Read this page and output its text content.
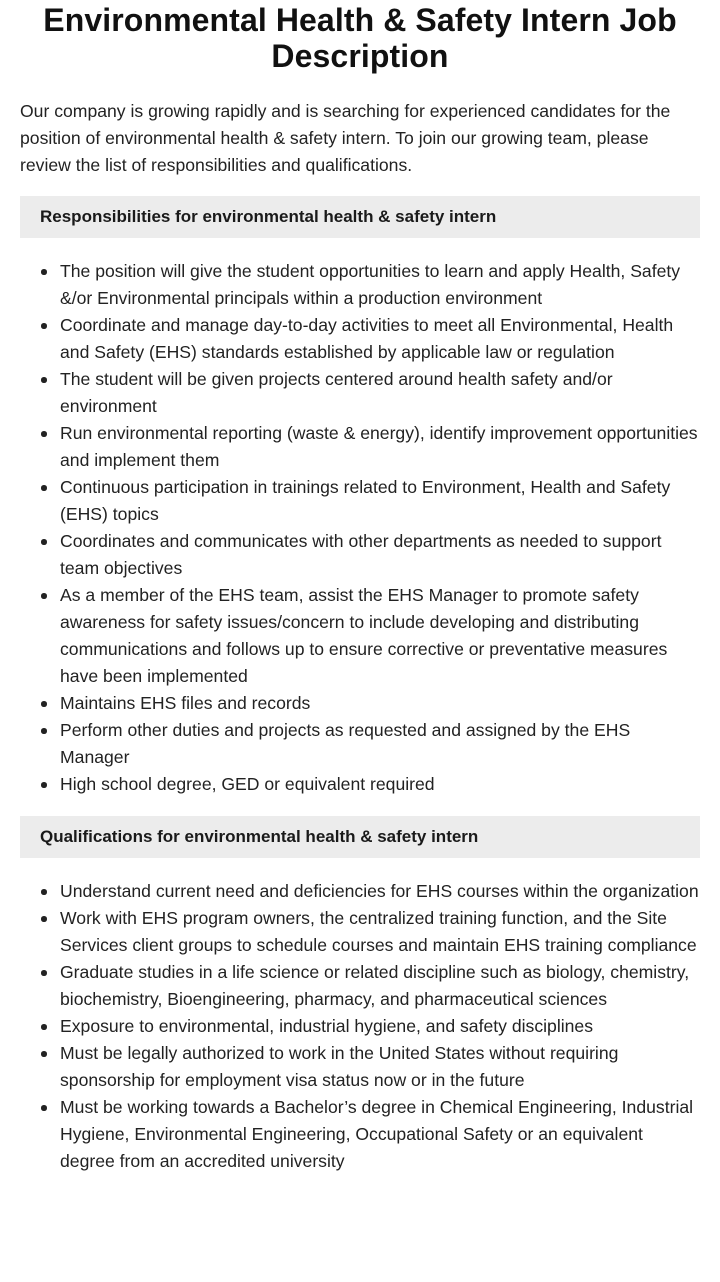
Environmental Health & Safety Intern Job Description

Our company is growing rapidly and is searching for experienced candidates for the position of environmental health & safety intern. To join our growing team, please review the list of responsibilities and qualifications.

Responsibilities for environmental health & safety intern
The position will give the student opportunities to learn and apply Health, Safety &/or Environmental principals within a production environment
Coordinate and manage day-to-day activities to meet all Environmental, Health and Safety (EHS) standards established by applicable law or regulation
The student will be given projects centered around health safety and/or environment
Run environmental reporting (waste & energy), identify improvement opportunities and implement them
Continuous participation in trainings related to Environment, Health and Safety (EHS) topics
Coordinates and communicates with other departments as needed to support team objectives
As a member of the EHS team, assist the EHS Manager to promote safety awareness for safety issues/concern to include developing and distributing communications and follows up to ensure corrective or preventative measures have been implemented
Maintains EHS files and records
Perform other duties and projects as requested and assigned by the EHS Manager
High school degree, GED or equivalent required
Qualifications for environmental health & safety intern
Understand current need and deficiencies for EHS courses within the organization
Work with EHS program owners, the centralized training function, and the Site Services client groups to schedule courses and maintain EHS training compliance
Graduate studies in a life science or related discipline such as biology, chemistry, biochemistry, Bioengineering, pharmacy, and pharmaceutical sciences
Exposure to environmental, industrial hygiene, and safety disciplines
Must be legally authorized to work in the United States without requiring sponsorship for employment visa status now or in the future
Must be working towards a Bachelor’s degree in Chemical Engineering, Industrial Hygiene, Environmental Engineering, Occupational Safety or an equivalent degree from an accredited university
